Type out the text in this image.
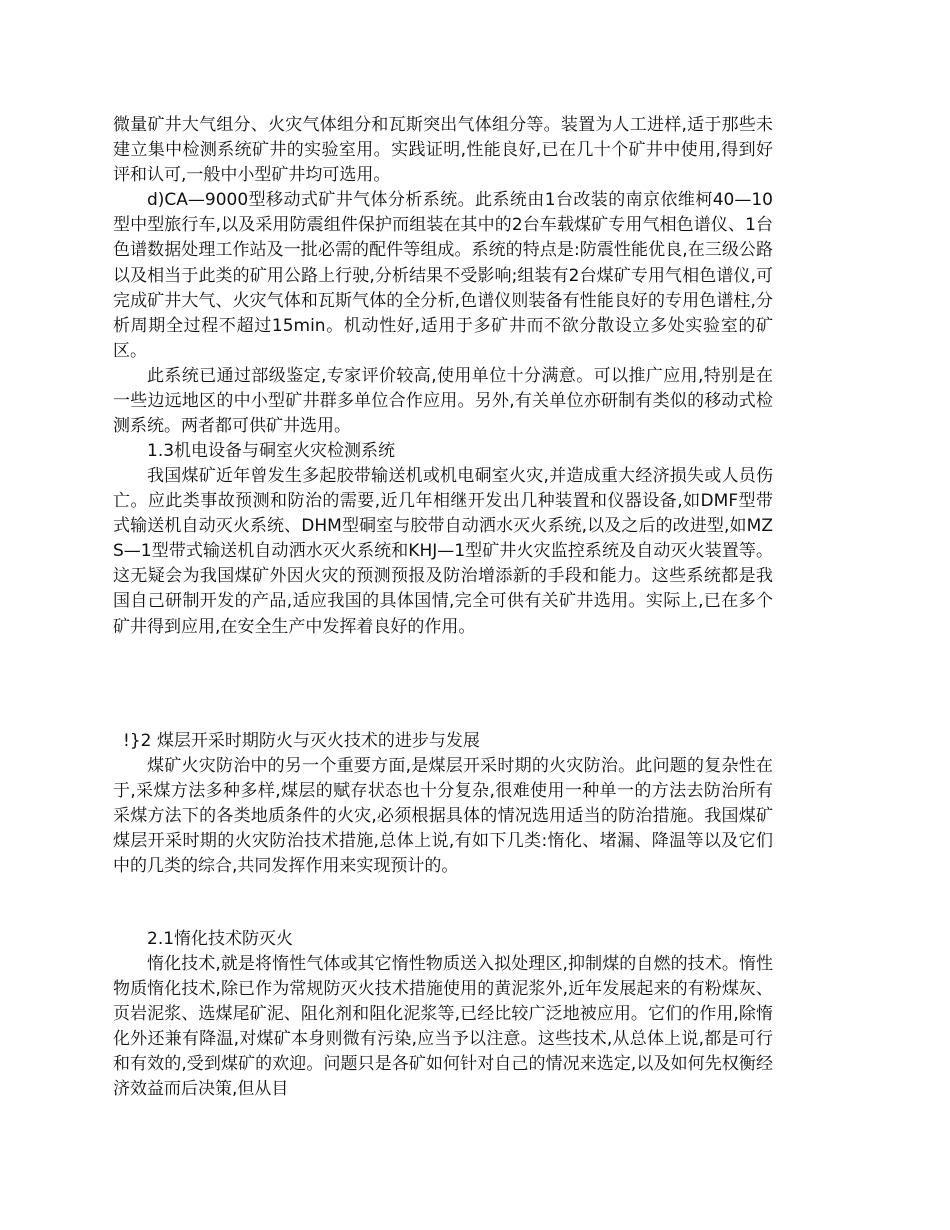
微量矿井大气组分、火灾气体组分和瓦斯突出气体组分等。装置为人工进样,适于那些未建立集中检测系统矿井的实验室用。实践证明,性能良好,已在几十个矿井中使用,得到好评和认可,一般中小型矿井均可选用。

d)CA—9000型移动式矿井气体分析系统。此系统由1台改装的南京依维柯40—10型中型旅行车,以及采用防震组件保护而组装在其中的2台车载煤矿专用气相色谱仪、1台色谱数据处理工作站及一批必需的配件等组成。系统的特点是:防震性能优良,在三级公路以及相当于此类的矿用公路上行驶,分析结果不受影响;组装有2台煤矿专用气相色谱仪,可完成矿井大气、火灾气体和瓦斯气体的全分析,色谱仪则装备有性能良好的专用色谱柱,分析周期全过程不超过15min。机动性好,适用于多矿井而不欲分散设立多处实验室的矿区。

此系统已通过部级鉴定,专家评价较高,使用单位十分满意。可以推广应用,特别是在一些边远地区的中小型矿井群多单位合作应用。另外,有关单位亦研制有类似的移动式检测系统。两者都可供矿井选用。

1.3机电设备与硐室火灾检测系统

我国煤矿近年曾发生多起胶带输送机或机电硐室火灾,并造成重大经济损失或人员伤亡。应此类事故预测和防治的需要,近几年相继开发出几种装置和仪器设备,如DMF型带式输送机自动灭火系统、DHM型硐室与胶带自动洒水灭火系统,以及之后的改进型,如MZS—1型带式输送机自动洒水灭火系统和KHJ—1型矿井火灾监控系统及自动灭火装置等。这无疑会为我国煤矿外因火灾的预测预报及防治增添新的手段和能力。这些系统都是我国自己研制开发的产品,适应我国的具体国情,完全可供有关矿井选用。实际上,已在多个矿井得到应用,在安全生产中发挥着良好的作用。

!}2 煤层开采时期防火与灭火技术的进步与发展

煤矿火灾防治中的另一个重要方面,是煤层开采时期的火灾防治。此问题的复杂性在于,采煤方法多种多样,煤层的赋存状态也十分复杂,很难使用一种单一的方法去防治所有采煤方法下的各类地质条件的火灾,必须根据具体的情况选用适当的防治措施。我国煤矿煤层开采时期的火灾防治技术措施,总体上说,有如下几类:惰化、堵漏、降温等以及它们中的几类的综合,共同发挥作用来实现预计的。

2.1惰化技术防灭火

惰化技术,就是将惰性气体或其它惰性物质送入拟处理区,抑制煤的自燃的技术。惰性物质惰化技术,除已作为常规防灭火技术措施使用的黄泥浆外,近年发展起来的有粉煤灰、页岩泥浆、选煤尾矿泥、阻化剂和阻化泥浆等,已经比较广泛地被应用。它们的作用,除惰化外还兼有降温,对煤矿本身则微有污染,应当予以注意。这些技术,从总体上说,都是可行和有效的,受到煤矿的欢迎。问题只是各矿如何针对自己的情况来选定,以及如何先权衡经济效益而后决策,但从目
